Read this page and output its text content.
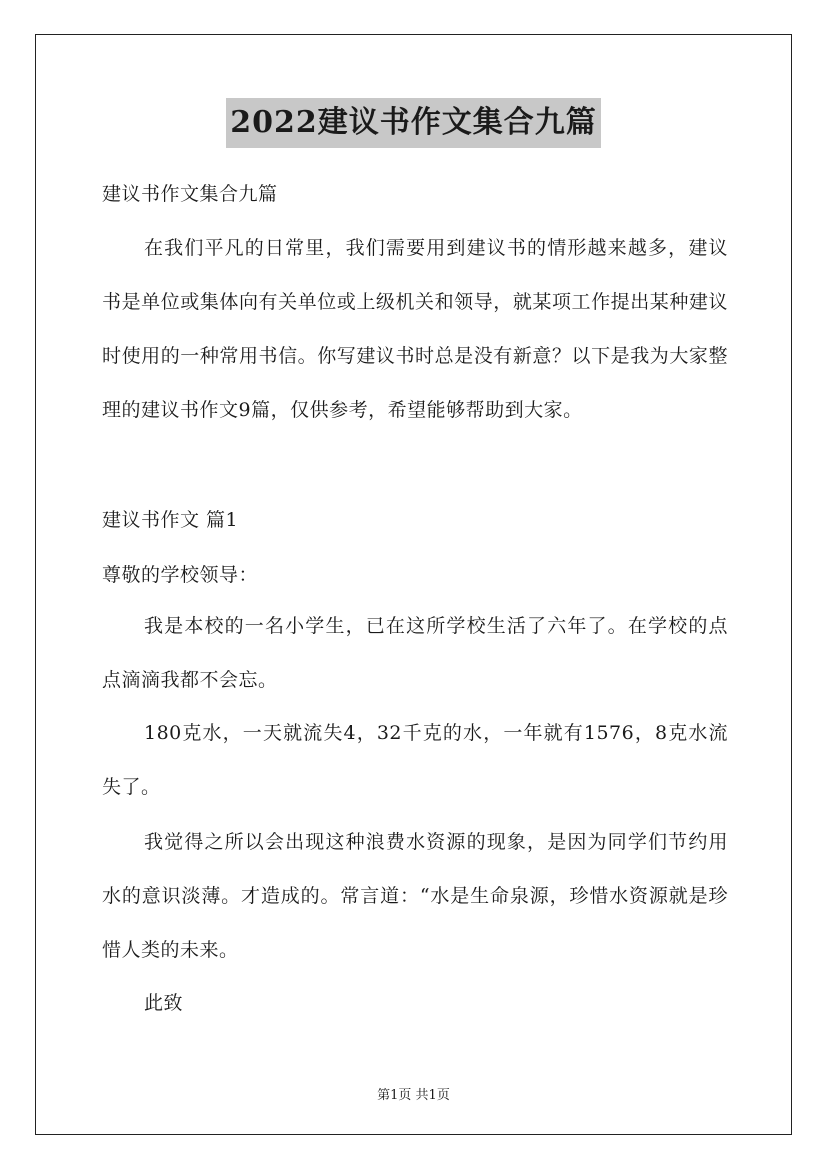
2022建议书作文集合九篇

建议书作文集合九篇

在我们平凡的日常里，我们需要用到建议书的情形越来越多，建议书是单位或集体向有关单位或上级机关和领导，就某项工作提出某种建议时使用的一种常用书信。你写建议书时总是没有新意？以下是我为大家整理的建议书作文9篇，仅供参考，希望能够帮助到大家。

建议书作文 篇1

尊敬的学校领导：

我是本校的一名小学生，已在这所学校生活了六年了。在学校的点点滴滴我都不会忘。

180克水，一天就流失4，32千克的水，一年就有1576，8克水流失了。

我觉得之所以会出现这种浪费水资源的现象，是因为同学们节约用水的意识淡薄。才造成的。常言道：“水是生命泉源，珍惜水资源就是珍惜人类的未来。

此致

第1页 共1页
